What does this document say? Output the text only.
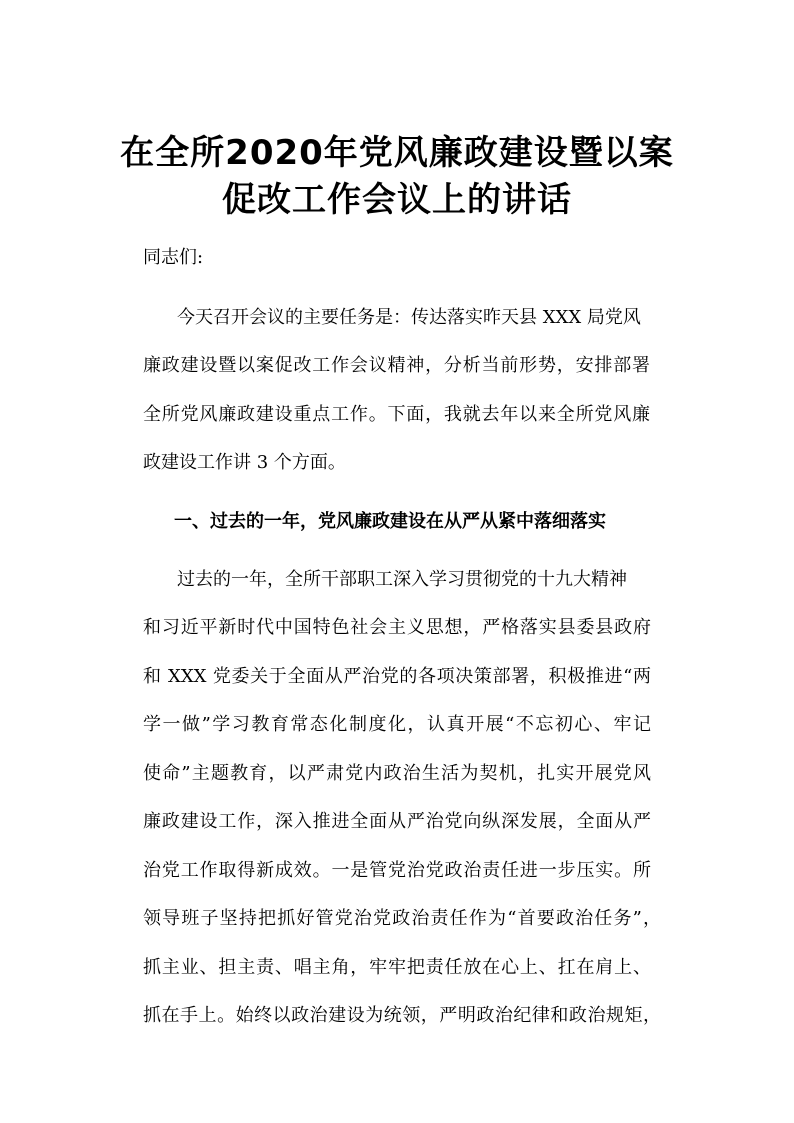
在全所2020年党风廉政建设暨以案
促改工作会议上的讲话

同志们:

今天召开会议的主要任务是：传达落实昨天县 XXX 局党风

廉政建设暨以案促改工作会议精神，分析当前形势，安排部署

全所党风廉政建设重点工作。下面，我就去年以来全所党风廉

政建设工作讲 3 个方面。

一、过去的一年，党风廉政建设在从严从紧中落细落实

过去的一年，全所干部职工深入学习贯彻党的十九大精神

和习近平新时代中国特色社会主义思想，严格落实县委县政府

和 XXX 党委关于全面从严治党的各项决策部署，积极推进“两

学一做”学习教育常态化制度化，认真开展“不忘初心、牢记

使命”主题教育，以严肃党内政治生活为契机，扎实开展党风

廉政建设工作，深入推进全面从严治党向纵深发展，全面从严

治党工作取得新成效。一是管党治党政治责任进一步压实。所

领导班子坚持把抓好管党治党政治责任作为“首要政治任务”，

抓主业、担主责、唱主角，牢牢把责任放在心上、扛在肩上、

抓在手上。始终以政治建设为统领，严明政治纪律和政治规矩，
